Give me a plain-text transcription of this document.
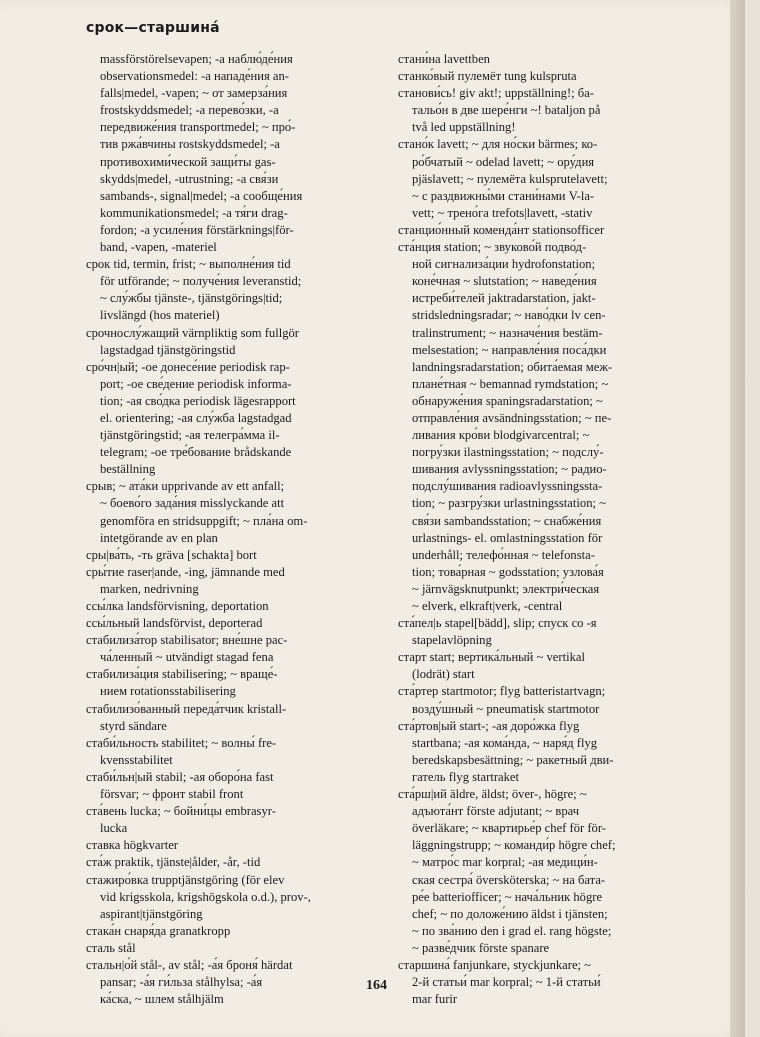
срок—старшина́
massförstörelsevapen; -а наблю́де́ния
observationsmedel: -а нападе́ния an-
falls|medel, -vapen; ~ от замерза́ния
frostskyddsmedel; -а перево́зки, -а
передвиже́ния transportmedel; ~ про́-
тив ржа́вчины rostskyddsmedel; -а
противохими́ческой защи́ты gas-
skydds|medel, -utrustning; -а свя́зи
sambands-, signal|medel; -а сообще́ния
kommunikationsmedel; -а тя́ги drag-
fordon; -а усиле́ния förstärknings|för-
band, -vapen, -materiel
срок tid, termin, frist; ~ выполне́ния tid
för utförande; ~ получе́ния leveranstid;
~ слу́жбы tjänste-, tjänstgörings|tid;
livslängd (hos materiel)
срочнослу́жащий värnpliktig som fullgör
lagstadgad tjänstgöringstid
сро́чн|ый; -ое донесе́ние periodisk rap-
port; -ое све́дение periodisk informa-
tion; -ая сво́дка periodisk lägesrapport
el. orientering; -ая слу́жба lagstadgad
tjänstgöringstid; -ая телегра́мма il-
telegram; -ое тре́бование brådskande
beställning
срыв; ~ ата́ки upprivande av ett anfall;
~ боево́го зада́ния misslyckande att
genomföra en stridsuppgift; ~ пла́на om-
intetgörande av en plan
сры|ва́ть, -ть gräva [schakta] bort
сры́тие raser|ande, -ing, jämnande med
marken, nedrivning
ссы́лка landsförvisning, deportation
ссы́льный landsförvist, deporterad
стабилиза́тор stabilisator; вне́шне рас-
ча́ленный ~ utvändigt stagad fena
стабилиза́ция stabilisering; ~ враще́-
нием rotationsstabilisering
стабилизо́ванный переда́тчик kristall-
styrd sändare
стаби́льность stabilitet; ~ волны́ fre-
kvensstabilitet
стаби́льн|ый stabil; -ая оборо́на fast
försvar; ~ фронт stabil front
ста́вень lucka; ~ бойни́цы embrasyr-
lucka
ставка högkvarter
ста́ж praktik, tjänste|ålder, -år, -tid
стажиро́вка trupptjänstgöring (för elev
vid krigsskola, krigshögskola o.d.), prov-,
aspirant|tjänstgöring
стака́н снаря́да granatkropp
сталь stål
стальн|о́й stål-, av stål; -а́я броня́ härdat
pansar; -а́я ги́льза stålhylsa; -а́я
ка́ска, ~ шлем stålhjälm
стани́на lavettben
станко́вый пулемёт tung kulspruta
станови́сь! giv akt!; uppställning!; ба-
тальо́н в две шере́нги ~! bataljon på
två led uppställning!
стано́к lavett; ~ для но́ски bärmes; ко-
ро́бчатый ~ odelad lavett; ~ ору́дия
pjäslavett; ~ пулемёта kulsprutelavett;
~ с раздвижны́ми стани́нами V-la-
vett; ~ трено́га trefots|lavett, -stativ
станцио́нный коменда́нт stationsofficer
ста́нция station; ~ звуково́й подво́д-
ной сигнализа́ции hydrofonstation;
коне́чная ~ slutstation; ~ наведе́ния
истреби́телей jaktradarstation, jakt-
stridsledningsradar; ~ наво́дки lv cen-
tralinstrument; ~ назначе́ния bestäm-
melsestation; ~ направле́ния поса́дки
landningsradarstation; обита́емая меж-
плане́тная ~ bemannad rymdstation; ~
обнаруже́ния spaningsradarstation; ~
отправле́ния avsändningsstation; ~ пе-
ливания кро́ви blodgivarcentral; ~
погру́зки ilastningsstation; ~ подслу́-
шивания avlyssningsstation; ~ радио-
подслу́шивания radioavlyssningssta-
tion; ~ разгру́зки urlastningsstation; ~
свя́зи sambandsstation; ~ снабже́ния
urlastnings- el. omlastningsstation för
underhåll; телефо́нная ~ telefonsta-
tion; това́рная ~ godsstation; узлова́я
~ järnvägsknutpunkt; электри́ческая
~ elverk, elkraft|verk, -central
ста́пел|ь stapel[bädd], slip; спуск со -я
stapelavlöpning
старт start; вертика́льный ~ vertikal
(lodrät) start
ста́ртер startmotor; flyg batteristartvagn;
возду́шный ~ pneumatisk startmotor
ста́ртов|ый start-; -ая доро́жка flyg
startbana; -ая кома́нда, ~ наря́д flyg
beredskapsbesättning; ~ ракетный дви-
гатель flyg startraket
ста́рш|ий äldre, äldst; över-, högre; ~
адъюта́нт förste adjutant; ~ врач
överläkare; ~ квартирье́р chef för för-
läggningstrupp; ~ команди́р högre chef;
~ матро́с mar korpral; -ая медици́н-
ская сестра́ översköterska; ~ на бата-
ре́е batteriofficer; ~ нача́льник högre
chef; ~ по доложе́нию äldst i tjänsten;
~ по зва́нию den i grad el. rang högste;
~ разве́дчик förste spanare
старшина́ fanjunkare, styckjunkare; ~
2-й статьи́ mar korpral; ~ 1-й статьи́
mar furir
164
